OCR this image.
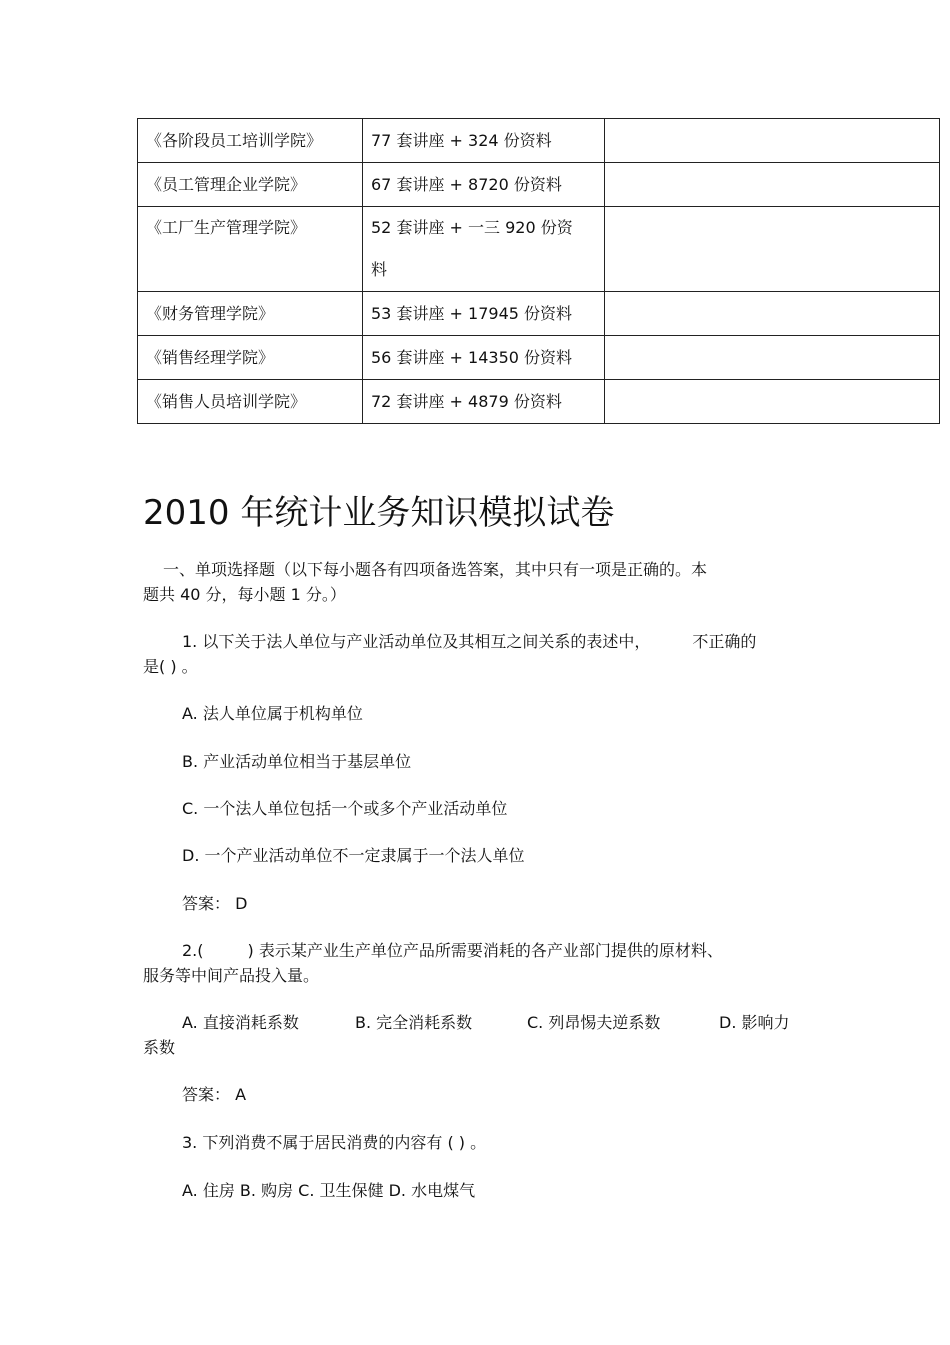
《各阶段员工培训学院》	77 套讲座 + 324 份资料	
《员工管理企业学院》	67 套讲座 + 8720 份资料	
《工厂生产管理学院》	52 套讲座 + 一三 920 份资
料	
《财务管理学院》	53 套讲座 + 17945 份资料	
《销售经理学院》	56 套讲座 + 14350 份资料	
《销售人员培训学院》	72 套讲座 + 4879 份资料	
2010 年统计业务知识模拟试卷

一、单项选择题（以下每小题各有四项备选答案，其中只有一项是正确的。本

题共 40 分，每小题 1 分。）

1. 以下关于法人单位与产业活动单位及其相互之间关系的表述中，	不正确的

是( ) 。

A. 法人单位属于机构单位

B. 产业活动单位相当于基层单位

C. 一个法人单位包括一个或多个产业活动单位

D. 一个产业活动单位不一定隶属于一个法人单位

答案： D

2.(	) 表示某产业生产单位产品所需要消耗的各产业部门提供的原材料、

服务等中间产品投入量。

A. 直接消耗系数	B. 完全消耗系数	C. 列昂惕夫逆系数	D. 影响力

系数

答案： A

3. 下列消费不属于居民消费的内容有 ( ) 。

A. 住房 B. 购房 C. 卫生保健 D. 水电煤气
